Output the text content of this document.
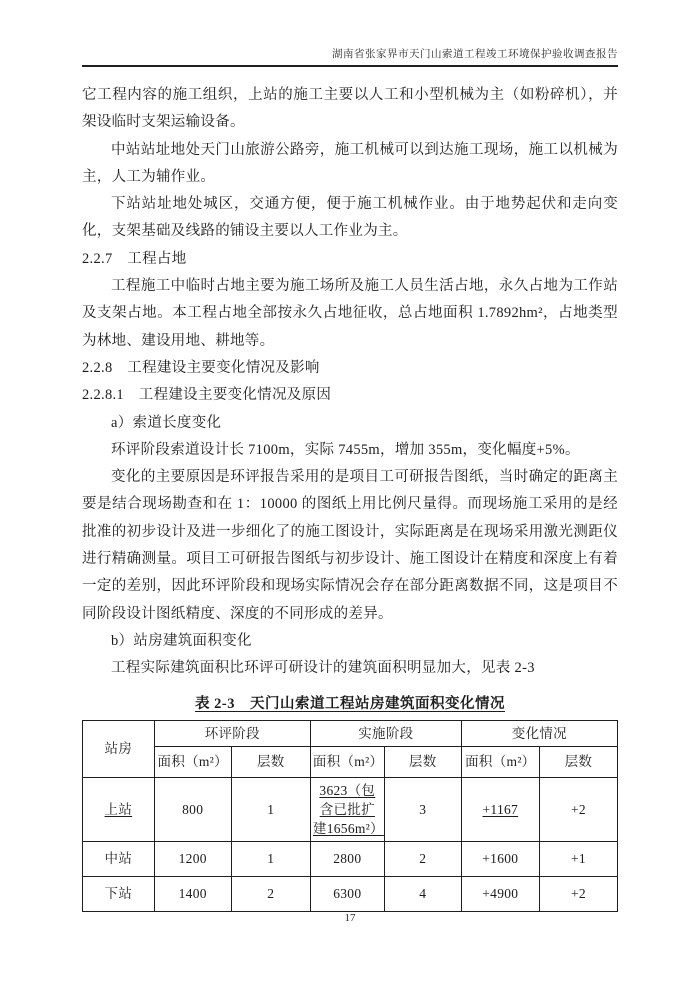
湖南省张家界市天门山索道工程竣工环境保护验收调查报告

它工程内容的施工组织，上站的施工主要以人工和小型机械为主（如粉碎机），并架设临时支架运输设备。

中站站址地处天门山旅游公路旁，施工机械可以到达施工现场，施工以机械为主，人工为辅作业。

下站站址地处城区，交通方便，便于施工机械作业。由于地势起伏和走向变化，支架基础及线路的铺设主要以人工作业为主。

2.2.7　工程占地

工程施工中临时占地主要为施工场所及施工人员生活占地，永久占地为工作站及支架占地。本工程占地全部按永久占地征收，总占地面积 1.7892hm²，占地类型为林地、建设用地、耕地等。

2.2.8　工程建设主要变化情况及影响

2.2.8.1　工程建设主要变化情况及原因

a）索道长度变化

环评阶段索道设计长 7100m，实际 7455m，增加 355m，变化幅度+5%。

变化的主要原因是环评报告采用的是项目工可研报告图纸，当时确定的距离主要是结合现场勘查和在 1：10000 的图纸上用比例尺量得。而现场施工采用的是经批准的初步设计及进一步细化了的施工图设计，实际距离是在现场采用激光测距仪进行精确测量。项目工可研报告图纸与初步设计、施工图设计在精度和深度上有着一定的差别，因此环评阶段和现场实际情况会存在部分距离数据不同，这是项目不同阶段设计图纸精度、深度的不同形成的差异。

b）站房建筑面积变化

工程实际建筑面积比环评可研设计的建筑面积明显加大，见表 2-3

表 2-3　天门山索道工程站房建筑面积变化情况
站房	环评阶段		实施阶段		变化情况	
	面积（m²）	层数	面积（m²）	层数	面积（m²）	层数
上站	800	1	3623（包含已批扩建1656m²）	3	+1167	+2
中站	1200	1	2800	2	+1600	+1
下站	1400	2	6300	4	+4900	+2
17
